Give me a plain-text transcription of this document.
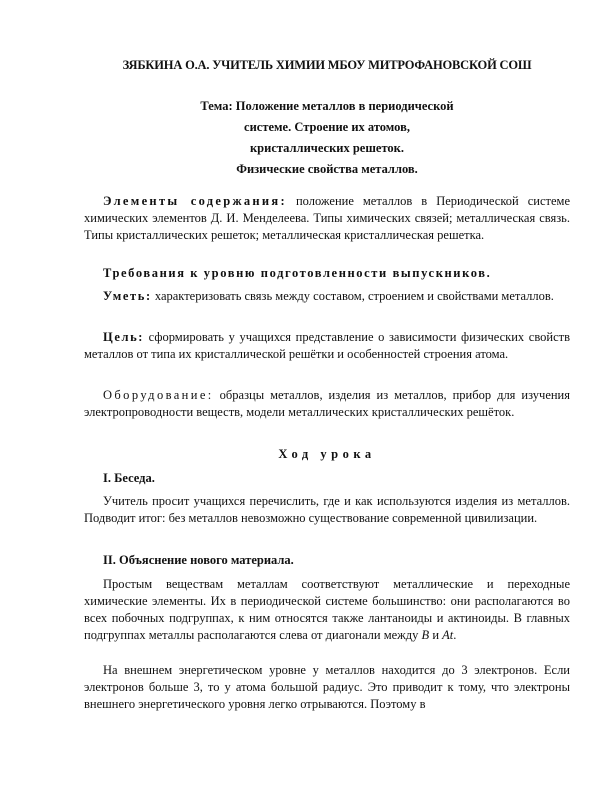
ЗЯБКИНА О.А. УЧИТЕЛЬ ХИМИИ МБОУ МИТРОФАНОВСКОЙ СОШ
Тема: Положение металлов в периодической
системе. Строение их атомов,
кристаллических решеток.
Физические свойства металлов.
Элементы содержания: положение металлов в Периодической системе химических элементов Д. И. Менделеева. Типы химических связей; металлическая связь. Типы кристаллических решеток; металлическая кристаллическая решетка.
Требования к уровню подготовленности выпускников.
Уметь: характеризовать связь между составом, строением и свойствами металлов.
Цель: сформировать у учащихся представление о зависимости физических свойств металлов от типа их кристаллической решётки и особенностей строения атома.
Оборудование: образцы металлов, изделия из металлов, прибор для изучения электропроводности веществ, модели металлических кристаллических решёток.
Ход урока
I. Беседа.
Учитель просит учащихся перечислить, где и как используются изделия из металлов. Подводит итог: без металлов невозможно существование современной цивилизации.
II. Объяснение нового материала.
Простым веществам металлам соответствуют металлические и переходные химические элементы. Их в периодической системе большинство: они располагаются во всех побочных подгруппах, к ним относятся также лантаноиды и актиноиды. В главных подгруппах металлы располагаются слева от диагонали между B и At.
На внешнем энергетическом уровне у металлов находится до 3 электронов. Если электронов больше 3, то у атома большой радиус. Это приводит к тому, что электроны внешнего энергетического уровня легко отрываются. Поэтому в
